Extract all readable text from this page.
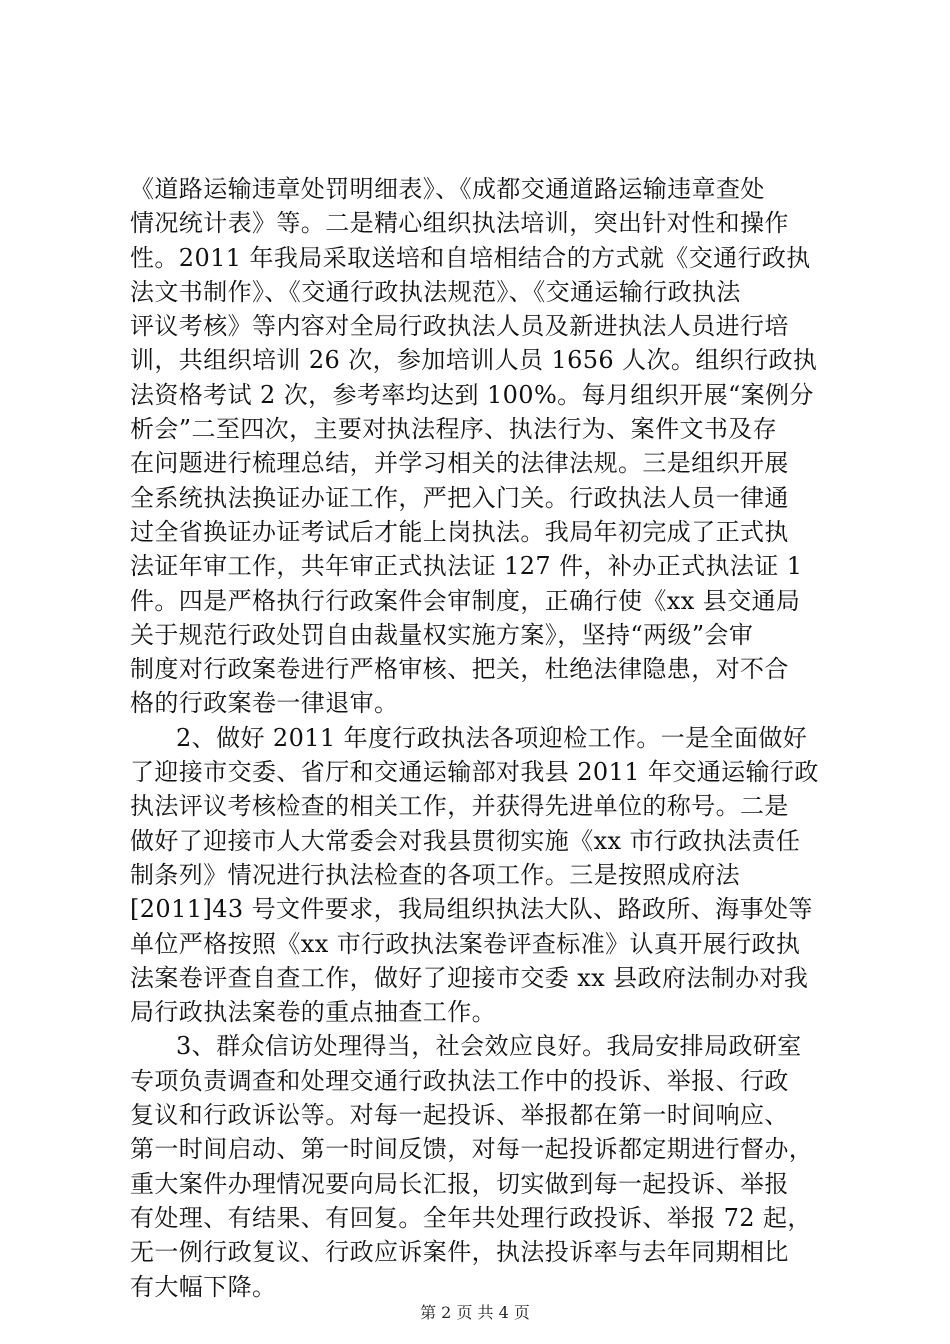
《道路运输违章处罚明细表》、《成都交通道路运输违章查处
情况统计表》等。二是精心组织执法培训，突出针对性和操作
性。2011 年我局采取送培和自培相结合的方式就《交通行政执
法文书制作》、《交通行政执法规范》、《交通运输行政执法
评议考核》等内容对全局行政执法人员及新进执法人员进行培
训，共组织培训 26 次，参加培训人员 1656 人次。组织行政执
法资格考试 2 次，参考率均达到 100%。每月组织开展“案例分
析会”二至四次，主要对执法程序、执法行为、案件文书及存
在问题进行梳理总结，并学习相关的法律法规。三是组织开展
全系统执法换证办证工作，严把入门关。行政执法人员一律通
过全省换证办证考试后才能上岗执法。我局年初完成了正式执
法证年审工作，共年审正式执法证 127 件，补办正式执法证 1
件。四是严格执行行政案件会审制度，正确行使《xx 县交通局
关于规范行政处罚自由裁量权实施方案》，坚持“两级”会审
制度对行政案卷进行严格审核、把关，杜绝法律隐患，对不合
格的行政案卷一律退审。
2、做好 2011 年度行政执法各项迎检工作。一是全面做好
了迎接市交委、省厅和交通运输部对我县 2011 年交通运输行政
执法评议考核检查的相关工作，并获得先进单位的称号。二是
做好了迎接市人大常委会对我县贯彻实施《xx 市行政执法责任
制条列》情况进行执法检查的各项工作。三是按照成府法
[2011]43 号文件要求，我局组织执法大队、路政所、海事处等
单位严格按照《xx 市行政执法案卷评查标准》认真开展行政执
法案卷评查自查工作，做好了迎接市交委 xx 县政府法制办对我
局行政执法案卷的重点抽查工作。
3、群众信访处理得当，社会效应良好。我局安排局政研室
专项负责调查和处理交通行政执法工作中的投诉、举报、行政
复议和行政诉讼等。对每一起投诉、举报都在第一时间响应、
第一时间启动、第一时间反馈，对每一起投诉都定期进行督办，
重大案件办理情况要向局长汇报，切实做到每一起投诉、举报
有处理、有结果、有回复。全年共处理行政投诉、举报 72 起，
无一例行政复议、行政应诉案件，执法投诉率与去年同期相比
有大幅下降。
第 2 页 共 4 页
